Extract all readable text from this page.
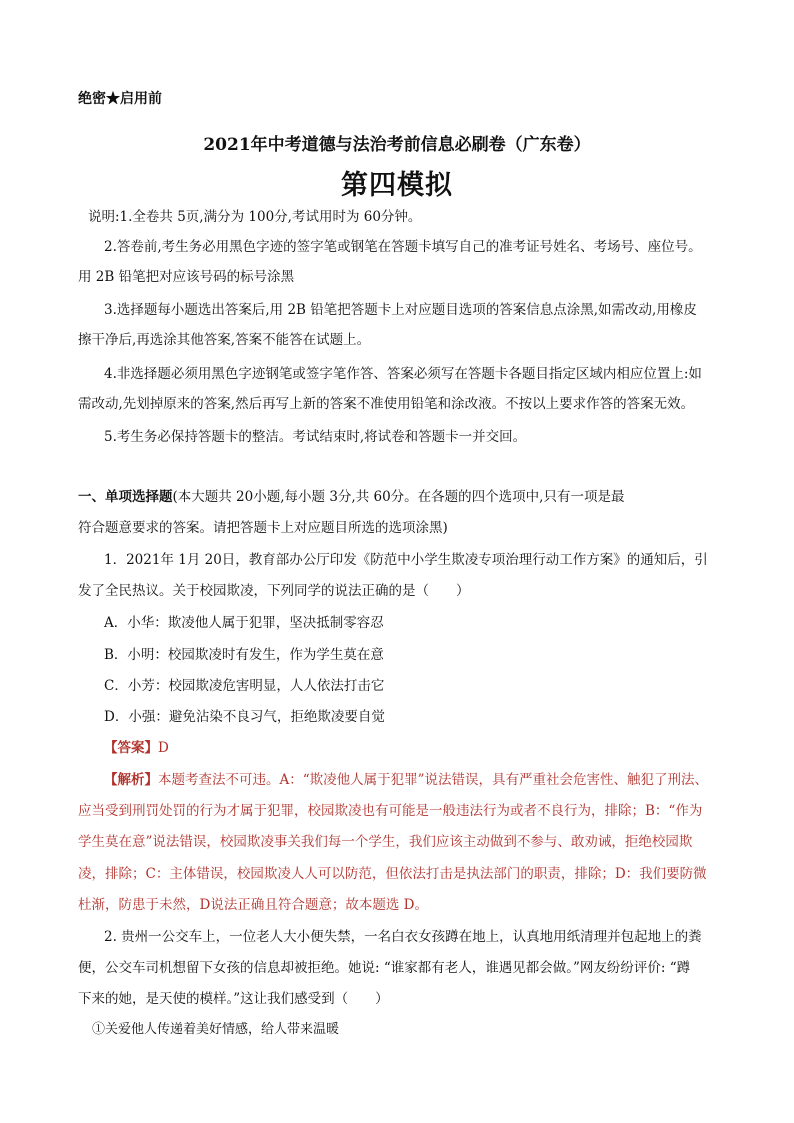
绝密★启用前
2021年中考道德与法治考前信息必刷卷（广东卷）
第四模拟
说明:1.全卷共 5页,满分为 100分,考试用时为 60分钟。
2.答卷前,考生务必用黑色字迹的签字笔或钢笔在答题卡填写自己的准考证号姓名、考场号、座位号。
用 2B 铅笔把对应该号码的标号涂黑
3.选择题每小题选出答案后,用 2B 铅笔把答题卡上对应题目选项的答案信息点涂黑,如需改动,用橡皮
擦干净后,再选涂其他答案,答案不能答在试题上。
4.非选择题必须用黑色字迹钢笔或签字笔作答、答案必须写在答题卡各题目指定区域内相应位置上:如
需改动,先划掉原来的答案,然后再写上新的答案不准使用铅笔和涂改液。不按以上要求作答的答案无效。
5.考生务必保持答题卡的整洁。考试结束时,将试卷和答题卡一并交回。
一、单项选择题(本大题共 20小题,每小题 3分,共 60分。在各题的四个选项中,只有一项是最
符合题意要求的答案。请把答题卡上对应题目所选的选项涂黑)
1．2021年 1月 20日，教育部办公厅印发《防范中小学生欺凌专项治理行动工作方案》的通知后，引
发了全民热议。关于校园欺凌，下列同学的说法正确的是（　　）
A．小华：欺凌他人属于犯罪，坚决抵制零容忍
B．小明：校园欺凌时有发生，作为学生莫在意
C．小芳：校园欺凌危害明显，人人依法打击它
D．小强：避免沾染不良习气，拒绝欺凌要自觉
【答案】D
【解析】本题考查法不可违。A：“欺凌他人属于犯罪”说法错误，具有严重社会危害性、触犯了刑法、
应当受到刑罚处罚的行为才属于犯罪，校园欺凌也有可能是一般违法行为或者不良行为，排除；B：“作为
学生莫在意”说法错误，校园欺凌事关我们每一个学生，我们应该主动做到不参与、敢劝诫，拒绝校园欺
凌，排除；C：主体错误，校园欺凌人人可以防范，但依法打击是执法部门的职责，排除；D：我们要防微
杜渐，防患于未然，D说法正确且符合题意；故本题选 D。
2. 贵州一公交车上，一位老人大小便失禁，一名白衣女孩蹲在地上，认真地用纸清理并包起地上的粪
便，公交车司机想留下女孩的信息却被拒绝。她说: “谁家都有老人，谁遇见都会做。”网友纷纷评价: “蹲
下来的她，是天使的模样。”这让我们感受到（　　）
①关爱他人传递着美好情感，给人带来温暖
